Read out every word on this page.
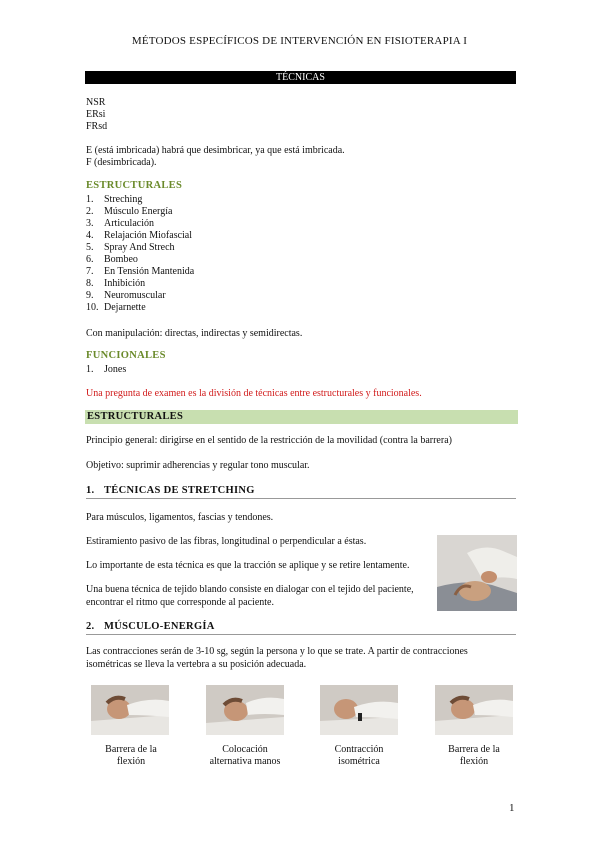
MÉTODOS ESPECÍFICOS DE INTERVENCIÓN EN FISIOTERAPIA I
TÉCNICAS
NSR
ERsi
FRsd
E (está imbricada) habrá que desimbricar, ya que está imbricada.
F (desimbricada).
ESTRUCTURALES
1. Streching
2. Músculo Energía
3. Articulación
4. Relajación Miofascial
5. Spray And Strech
6. Bombeo
7. En Tensión Mantenida
8. Inhibición
9. Neuromuscular
10. Dejarnette
Con manipulación: directas, indirectas y semidirectas.
FUNCIONALES
1. Jones
Una pregunta de examen es la división de técnicas entre estructurales y funcionales.
ESTRUCTURALES
Principio general: dirigirse en el sentido de la restricción de la movilidad (contra la barrera)
Objetivo: suprimir adherencias y regular tono muscular.
1. TÉCNICAS DE STRETCHING
Para músculos, ligamentos, fascias y tendones.
Estiramiento pasivo de las fibras, longitudinal o perpendicular a éstas.
Lo importante de esta técnica es que la tracción se aplique y se retire lentamente.
Una buena técnica de tejido blando consiste en dialogar con el tejido del paciente,
encontrar el ritmo que corresponde al paciente.
2. MÚSCULO-ENERGÍA
Las contracciones serán de 3-10 sg, según la persona y lo que se trate. A partir de contracciones
isométricas se lleva la vertebra a su posición adecuada.
Barrera de la
flexión
Colocación
alternativa manos
Contracción
isométrica
Barrera de la
flexión
1
